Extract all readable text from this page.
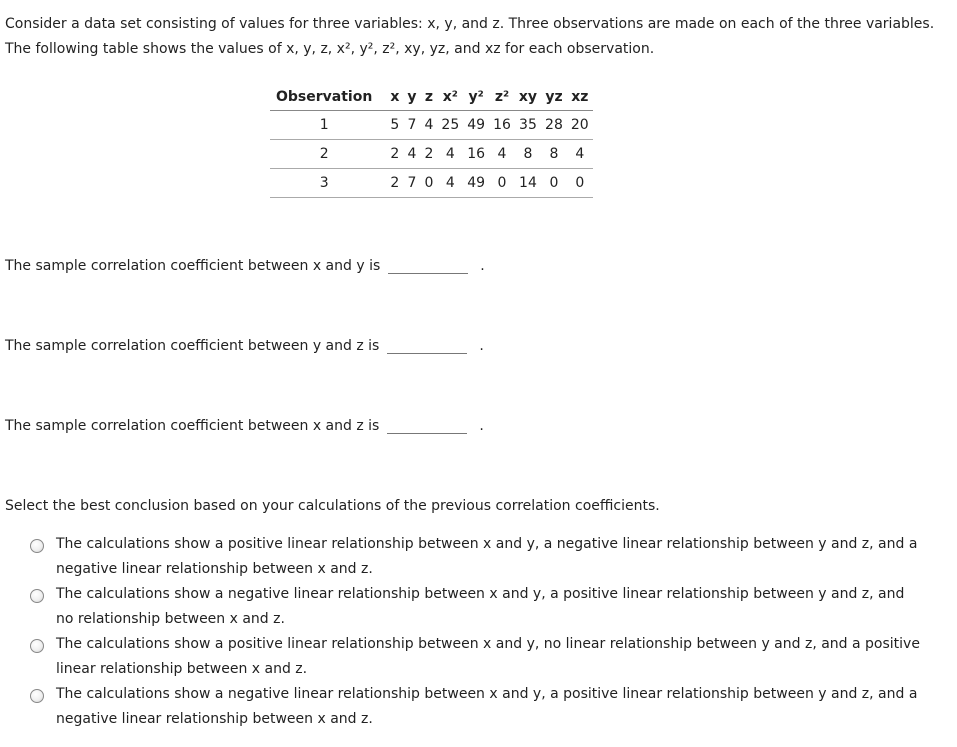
Consider a data set consisting of values for three variables: x, y, and z. Three observations are made on each of the three variables. The following table shows the values of x, y, z, x², y², z², xy, yz, and xz for each observation.
Observation	x	y	z	x²	y²	z²	xy	yz	xz
1	5	7	4	25	49	16	35	28	20
2	2	4	2	4	16	4	8	8	4
3	2	7	0	4	49	0	14	0	0
The sample correlation coefficient between x and y is	.
The sample correlation coefficient between y and z is	.
The sample correlation coefficient between x and z is	.
Select the best conclusion based on your calculations of the previous correlation coefficients.
The calculations show a positive linear relationship between x and y, a negative linear relationship between y and z, and a negative linear relationship between x and z.
The calculations show a negative linear relationship between x and y, a positive linear relationship between y and z, and no relationship between x and z.
The calculations show a positive linear relationship between x and y, no linear relationship between y and z, and a positive linear relationship between x and z.
The calculations show a negative linear relationship between x and y, a positive linear relationship between y and z, and a negative linear relationship between x and z.
